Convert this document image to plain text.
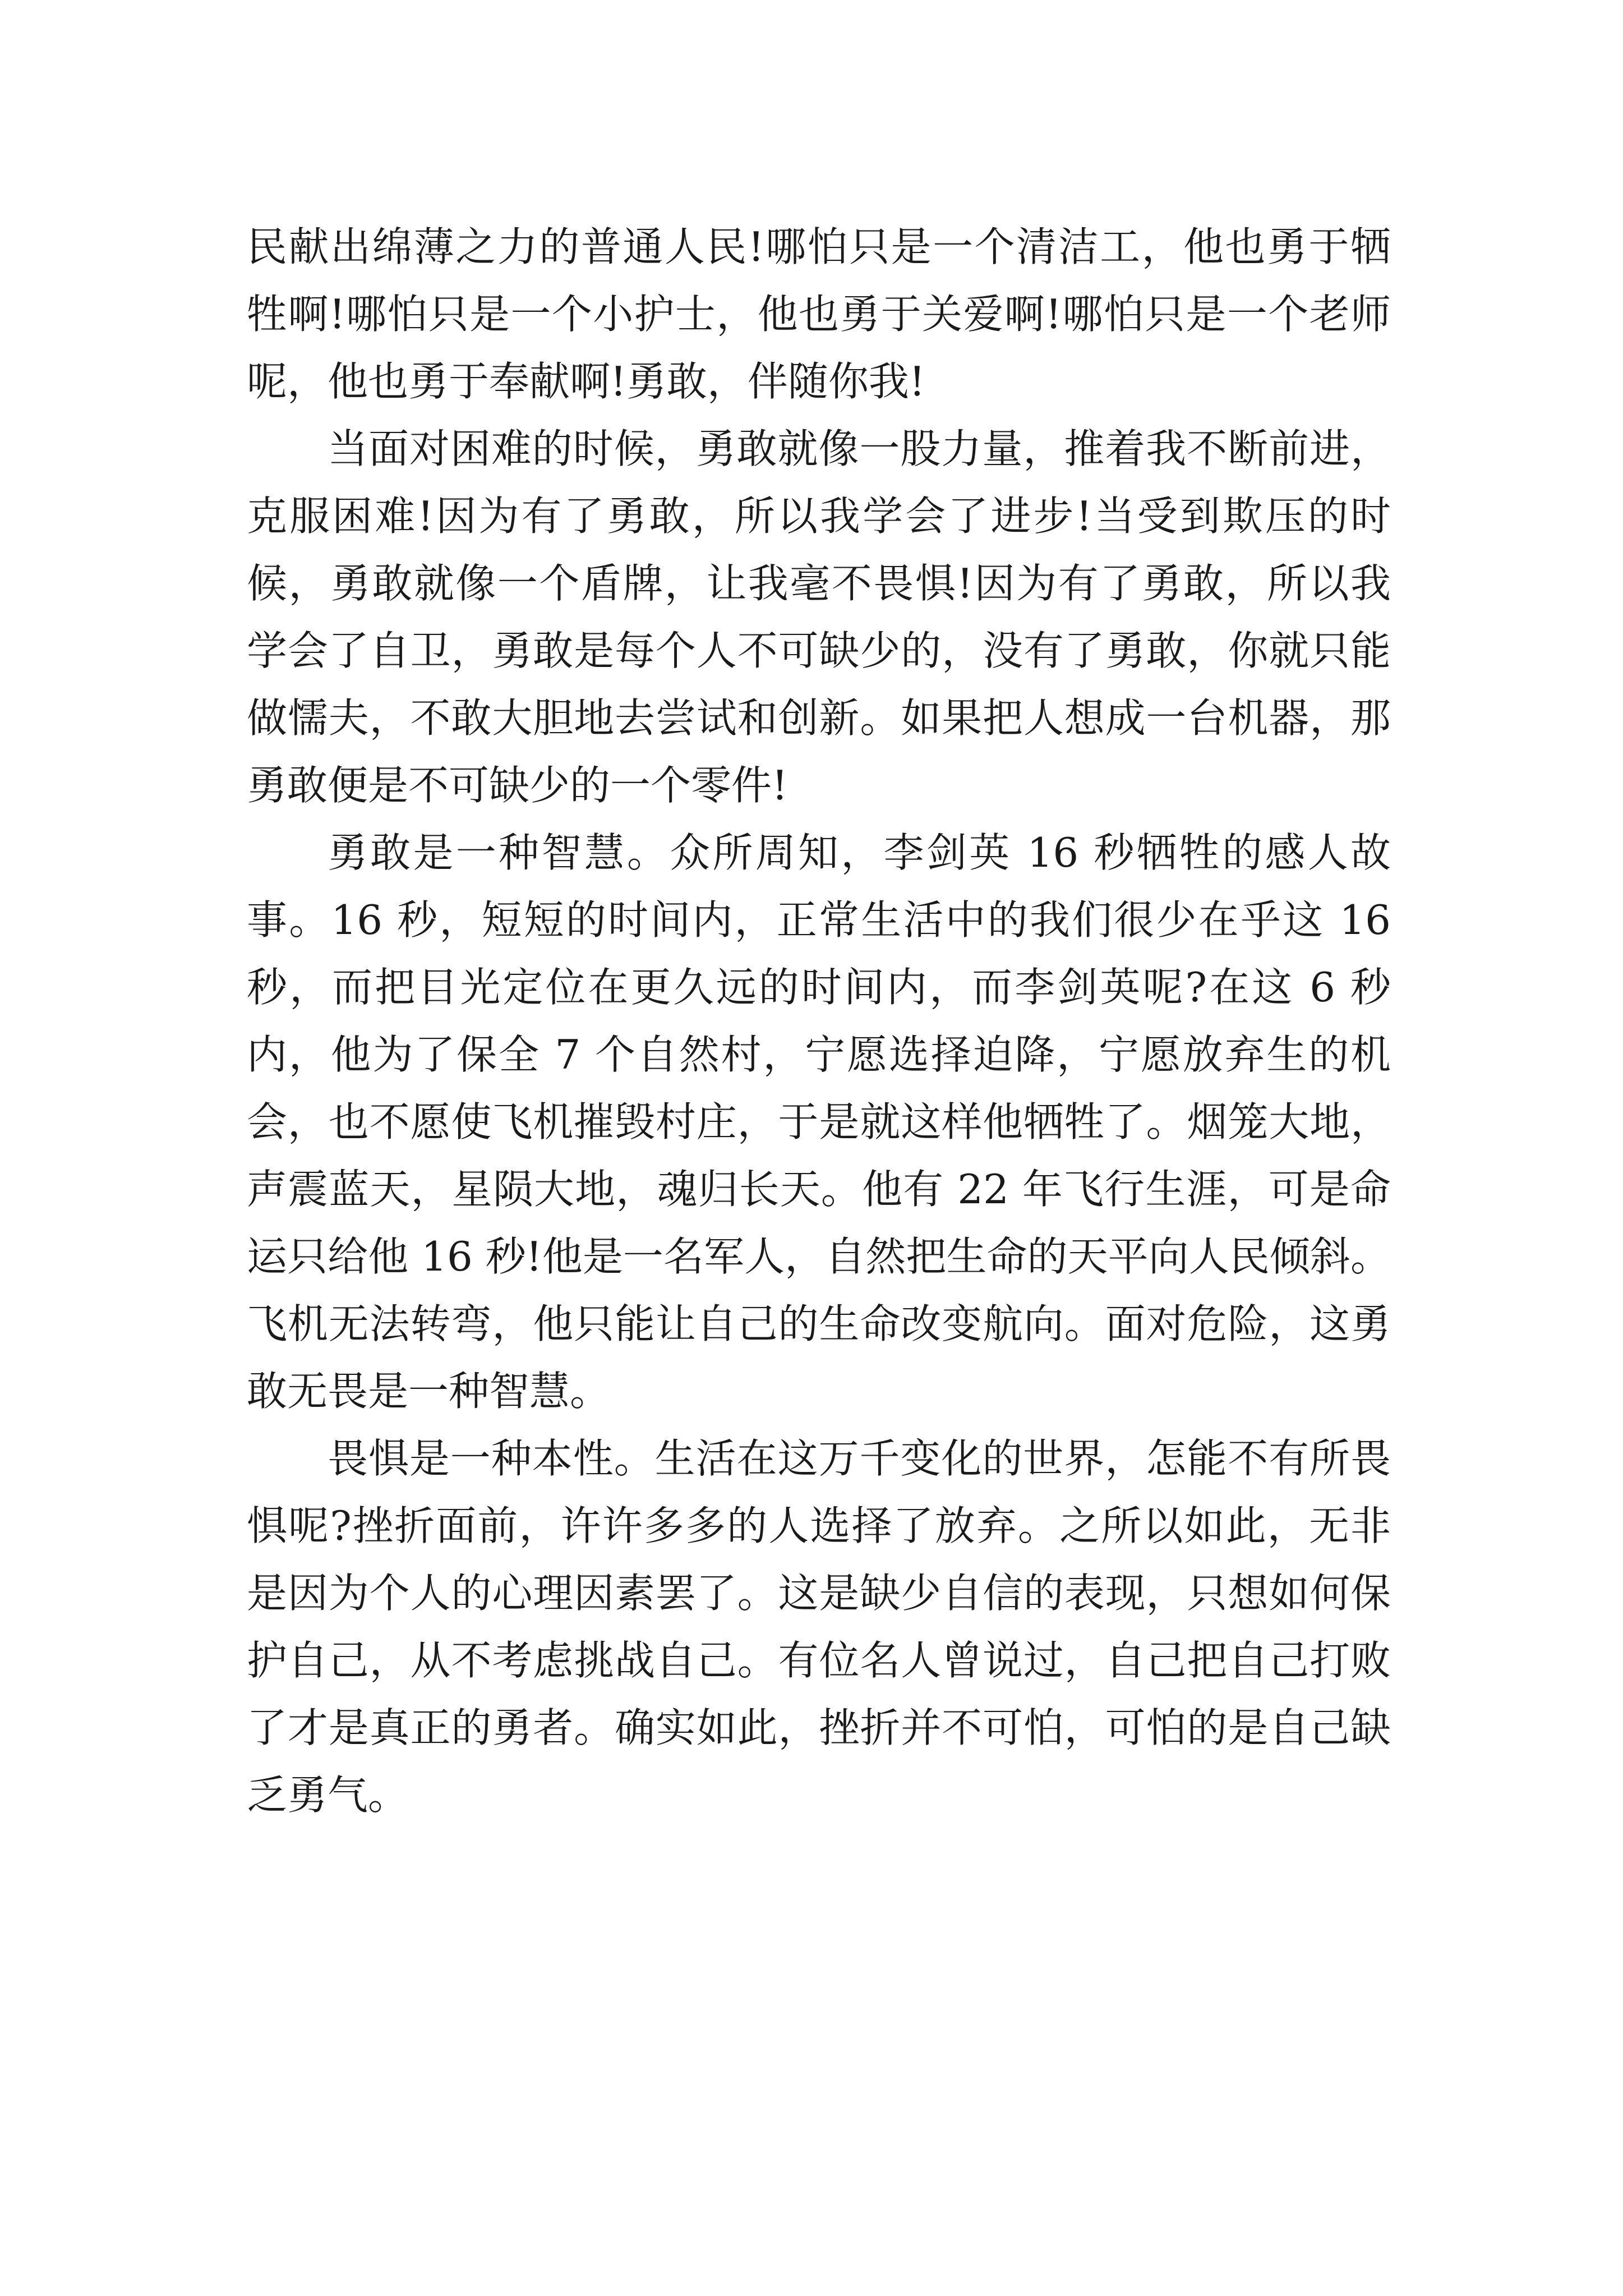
民献出绵薄之力的普通人民!哪怕只是一个清洁工，他也勇于牺牲啊!哪怕只是一个小护士，他也勇于关爱啊!哪怕只是一个老师呢，他也勇于奉献啊!勇敢，伴随你我!

当面对困难的时候，勇敢就像一股力量，推着我不断前进，克服困难!因为有了勇敢，所以我学会了进步!当受到欺压的时候，勇敢就像一个盾牌，让我毫不畏惧!因为有了勇敢，所以我学会了自卫，勇敢是每个人不可缺少的，没有了勇敢，你就只能做懦夫，不敢大胆地去尝试和创新。如果把人想成一台机器，那勇敢便是不可缺少的一个零件!

勇敢是一种智慧。众所周知，李剑英 16 秒牺牲的感人故事。16 秒，短短的时间内，正常生活中的我们很少在乎这 16 秒，而把目光定位在更久远的时间内，而李剑英呢?在这 6 秒内，他为了保全 7 个自然村，宁愿选择迫降，宁愿放弃生的机会，也不愿使飞机摧毁村庄，于是就这样他牺牲了。烟笼大地，声震蓝天，星陨大地，魂归长天。他有 22 年飞行生涯，可是命运只给他 16 秒!他是一名军人，自然把生命的天平向人民倾斜。飞机无法转弯，他只能让自己的生命改变航向。面对危险，这勇敢无畏是一种智慧。

畏惧是一种本性。生活在这万千变化的世界，怎能不有所畏惧呢?挫折面前，许许多多的人选择了放弃。之所以如此，无非是因为个人的心理因素罢了。这是缺少自信的表现，只想如何保护自己，从不考虑挑战自己。有位名人曾说过，自己把自己打败了才是真正的勇者。确实如此，挫折并不可怕，可怕的是自己缺乏勇气。
